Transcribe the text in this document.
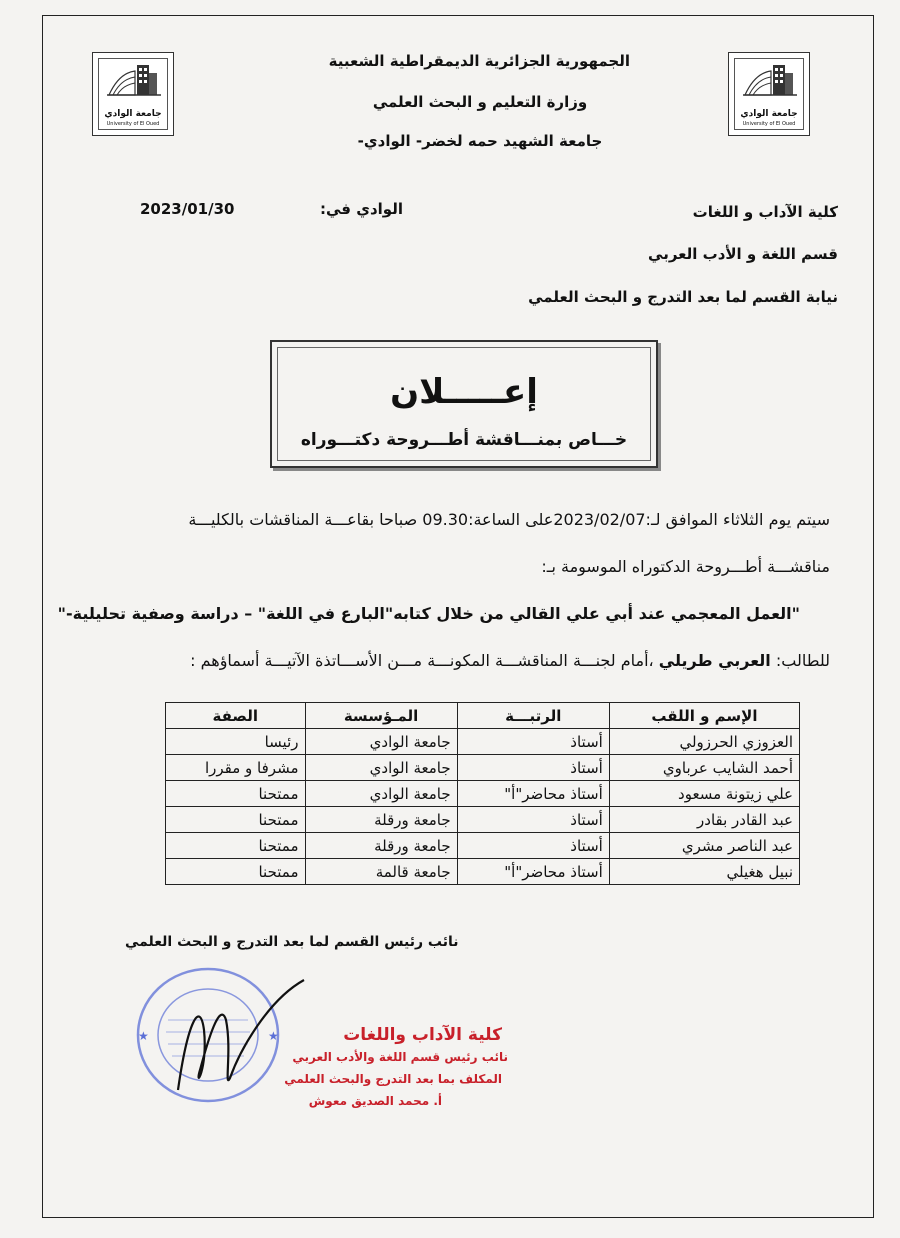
جامعة الوادي
University of El Oued
جامعة الوادي
University of El Oued
الجمهورية الجزائرية الديمقراطية الشعبية
وزارة التعليم و البحث العلمي
جامعة الشهيد حمه لخضر- الوادي-
كلية الآداب و اللغات
قسم اللغة و الأدب العربي
نيابة القسم لما بعد التدرج و البحث العلمي
الوادي في:
2023/01/30
إعـــــلان
خـــاص بمنـــاقشة أطـــروحة دكتـــوراه
سيتم يوم الثلاثاء الموافق لـ:2023/02/07على الساعة:09.30 صباحا بقاعـــة المناقشات بالكليـــة
مناقشـــة أطـــروحة الدكتوراه الموسومة بـ:
"العمل المعجمي عند أبي علي القالي من خلال كتابه"البارع في اللغة" – دراسة وصفية تحليلية-"
للطالب: العربي طريلي ،أمام لجنـــة المناقشـــة المكونـــة مـــن الأســـاتذة الآتيـــة أسماؤهم :
الإسم و اللقب	الرتبـــة	المـؤسسة	الصفة
العزوزي الحرزولي	أستاذ	جامعة الوادي	رئيسا
أحمد الشايب عرباوي	أستاذ	جامعة الوادي	مشرفا و مقررا
علي زيتونة مسعود	أستاذ محاضر"أ"	جامعة الوادي	ممتحنا
عبد القادر بقادر	أستاذ	جامعة ورقلة	ممتحنا
عبد الناصر مشري	أستاذ	جامعة ورقلة	ممتحنا
نبيل هغيلي	أستاذ محاضر"أ"	جامعة قالمة	ممتحنا
نائب رئيس القسم لما بعد التدرج و البحث العلمي
★	★	كلية الآداب واللغات
نائب رئيس قسم اللغة والأدب العربي
المكلف بما بعد التدرج والبحث العلمي
أ. محمد الصديق معوش
